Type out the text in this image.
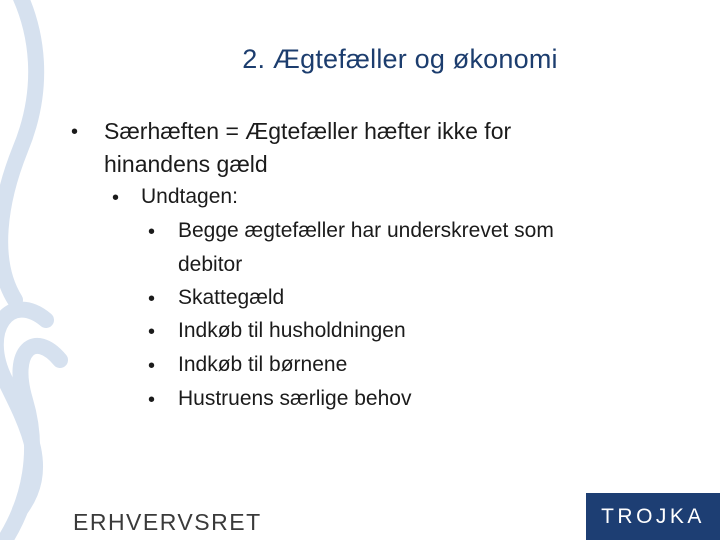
2. Ægtefæller og økonomi
• Særhæften = Ægtefæller hæfter ikke for
hinandens gæld
• Undtagen:
• Begge ægtefæller har underskrevet som
debitor
• Skattegæld
• Indkøb til husholdningen
• Indkøb til børnene
• Hustruens særlige behov
ERHVERVSRET	TROJKA
